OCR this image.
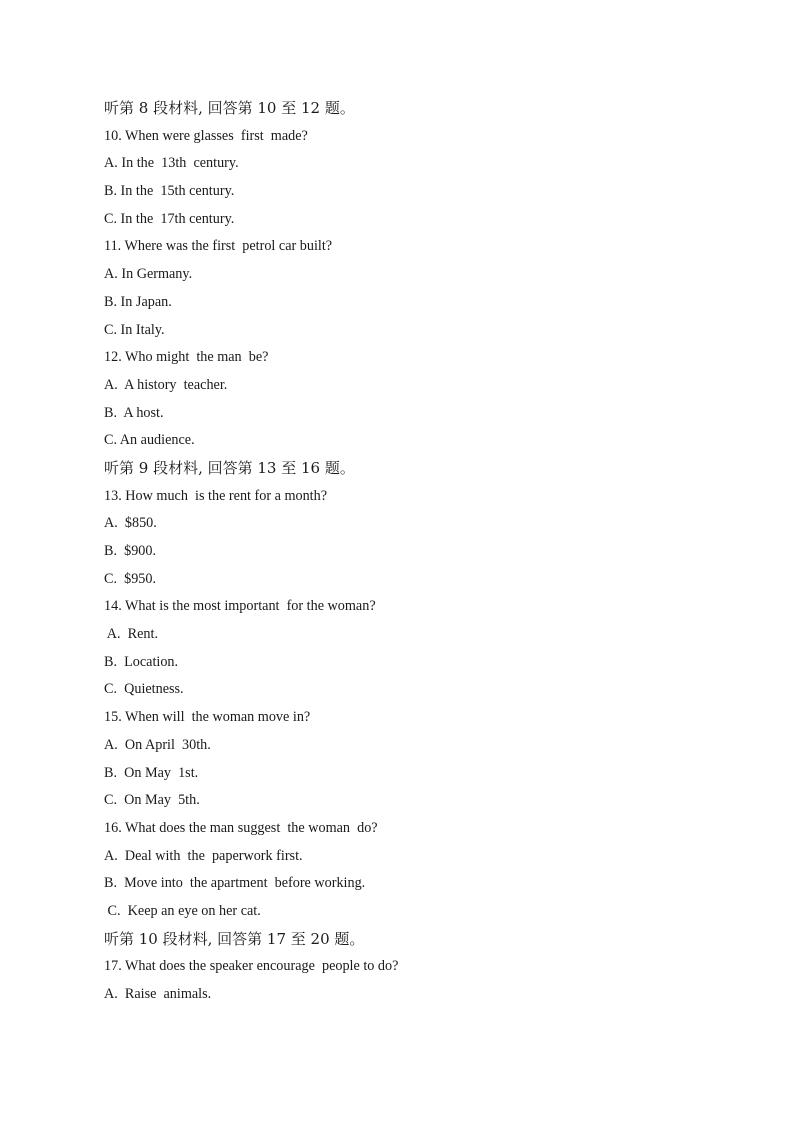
听第 8 段材料, 回答第 10 至 12 题。
10. When were glasses  first  made?
A. In the  13th  century.
B. In the  15th century.
C. In the  17th century.
11. Where was the first  petrol car built?
A. In Germany.
B. In Japan.
C. In Italy.
12. Who might  the man  be?
A.  A history  teacher.
B.  A host.
C. An audience.
听第 9 段材料, 回答第 13 至 16 题。
13. How much  is the rent for a month?
A.  $850.
B.  $900.
C.  $950.
14. What is the most important  for the woman?
A.  Rent.
B.  Location.
C.  Quietness.
15. When will  the woman move in?
A.  On April  30th.
B.  On May  1st.
C.  On May  5th.
16. What does the man suggest  the woman  do?
A.  Deal with  the  paperwork first.
B.  Move into  the apartment  before working.
C.  Keep an eye on her cat.
听第 10 段材料, 回答第 17 至 20 题。
17. What does the speaker encourage  people to do?
A.  Raise  animals.
